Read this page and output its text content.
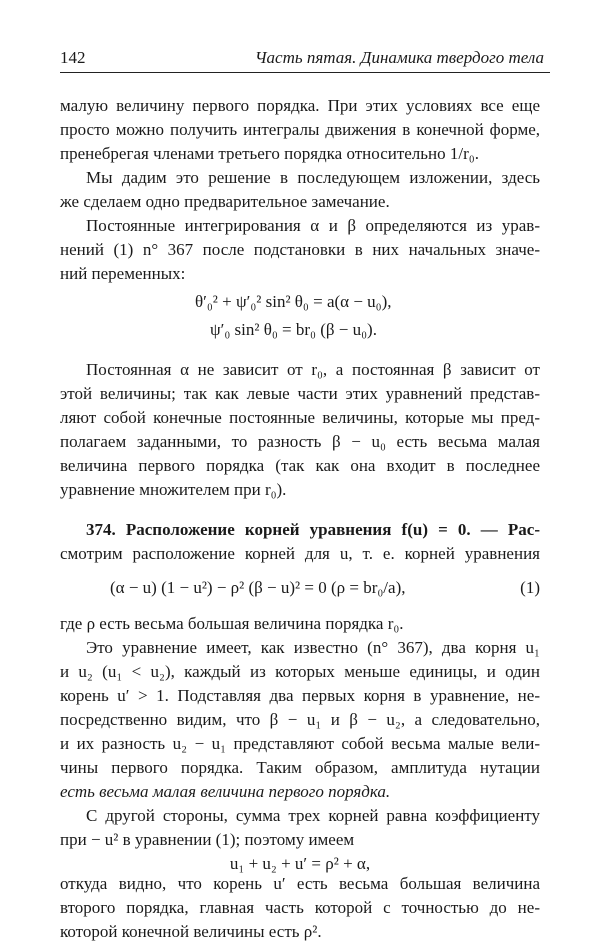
142	Часть пятая. Динамика твердого тела
малую величину первого порядка. При этих условиях все еще
просто можно получить интегралы движения в конечной форме,
пренебрегая членами третьего порядка относительно 1/r₀.
Мы дадим это решение в последующем изложении, здесь
же сделаем одно предварительное замечание.
Постоянные интегрирования α и β определяются из урав-
нений (1) n° 367 после подстановки в них начальных значе-
ний переменных:
θ′₀² + ψ′₀² sin² θ₀ = a(α − u₀),
ψ′₀ sin² θ₀ = br₀ (β − u₀).
Постоянная α не зависит от r₀, а постоянная β зависит от
этой величины; так как левые части этих уравнений представ-
ляют собой конечные постоянные величины, которые мы пред-
полагаем заданными, то разность β − u₀ есть весьма малая
величина первого порядка (так как она входит в последнее
уравнение множителем при r₀).
374. Расположение корней уравнения f(u) = 0. — Рас-
смотрим расположение корней для u, т. е. корней уравнения
(α − u) (1 − u²) − ρ² (β − u)² = 0 (ρ = br₀/a),	(1)
где ρ есть весьма большая величина порядка r₀.
Это уравнение имеет, как известно (n° 367), два корня u₁
и u₂ (u₁ < u₂), каждый из которых меньше единицы, и один
корень u′ > 1. Подставляя два первых корня в уравнение, не-
посредственно видим, что β − u₁ и β − u₂, а следовательно,
и их разность u₂ − u₁ представляют собой весьма малые вели-
чины первого порядка. Таким образом, амплитуда нутации
есть весьма малая величина первого порядка.
С другой стороны, сумма трех корней равна коэффициенту
при − u² в уравнении (1); поэтому имеем
u₁ + u₂ + u′ = ρ² + α,
откуда видно, что корень u′ есть весьма большая величина
второго порядка, главная часть которой с точностью до не-
которой конечной величины есть ρ².
